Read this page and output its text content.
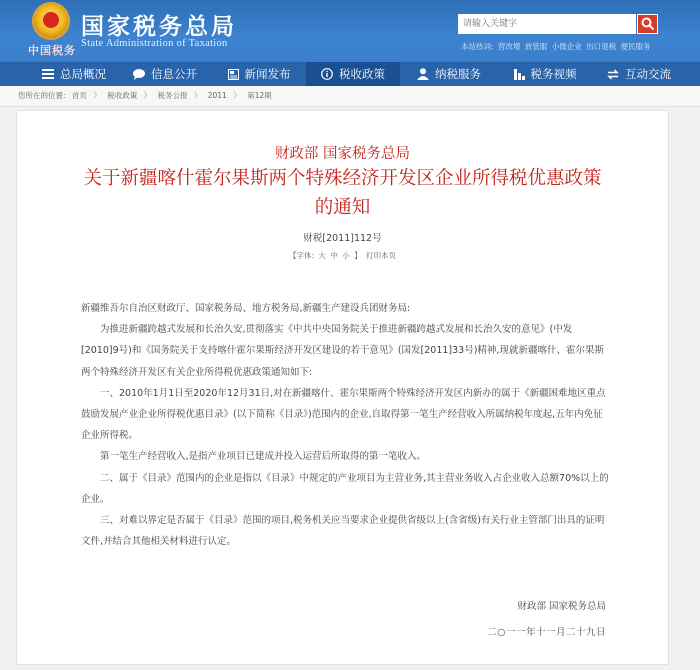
中国税务
国家税务总局
State Administration of Taxation
请输入关键字	本站热词: 营改增 放管服 小微企业 出口退税 便民服务
总局概况	信息公开	新闻发布	税收政策	纳税服务	税务视频	互动交流
您所在的位置: 首页 》 税收政策 》 税务公报 》 2011 》 第12期
财政部 国家税务总局
关于新疆喀什霍尔果斯两个特殊经济开发区企业所得税优惠政策
的通知
财税[2011]112号
【字体: 大 中 小 】 打印本页

新疆维吾尔自治区财政厅、国家税务局、地方税务局,新疆生产建设兵团财务局:

为推进新疆跨越式发展和长治久安,贯彻落实《中共中央国务院关于推进新疆跨越式发展和长治久安的意见》(中发[2010]9号)和《国务院关于支持喀什霍尔果斯经济开发区建设的若干意见》(国发[2011]33号)精神,现就新疆喀什、霍尔果斯两个特殊经济开发区有关企业所得税优惠政策通知如下:

一、2010年1月1日至2020年12月31日,对在新疆喀什、霍尔果斯两个特殊经济开发区内新办的属于《新疆困难地区重点鼓励发展产业企业所得税优惠目录》(以下简称《目录》)范围内的企业,自取得第一笔生产经营收入所属纳税年度起,五年内免征企业所得税。

第一笔生产经营收入,是指产业项目已建成并投入运营后所取得的第一笔收入。

二、属于《目录》范围内的企业是指以《目录》中规定的产业项目为主营业务,其主营业务收入占企业收入总额70%以上的企业。

三、对难以界定是否属于《目录》范围的项目,税务机关应当要求企业提供省级以上(含省级)有关行业主管部门出具的证明文件,并结合其他相关材料进行认定。

财政部 国家税务总局
二○一一年十一月二十九日
